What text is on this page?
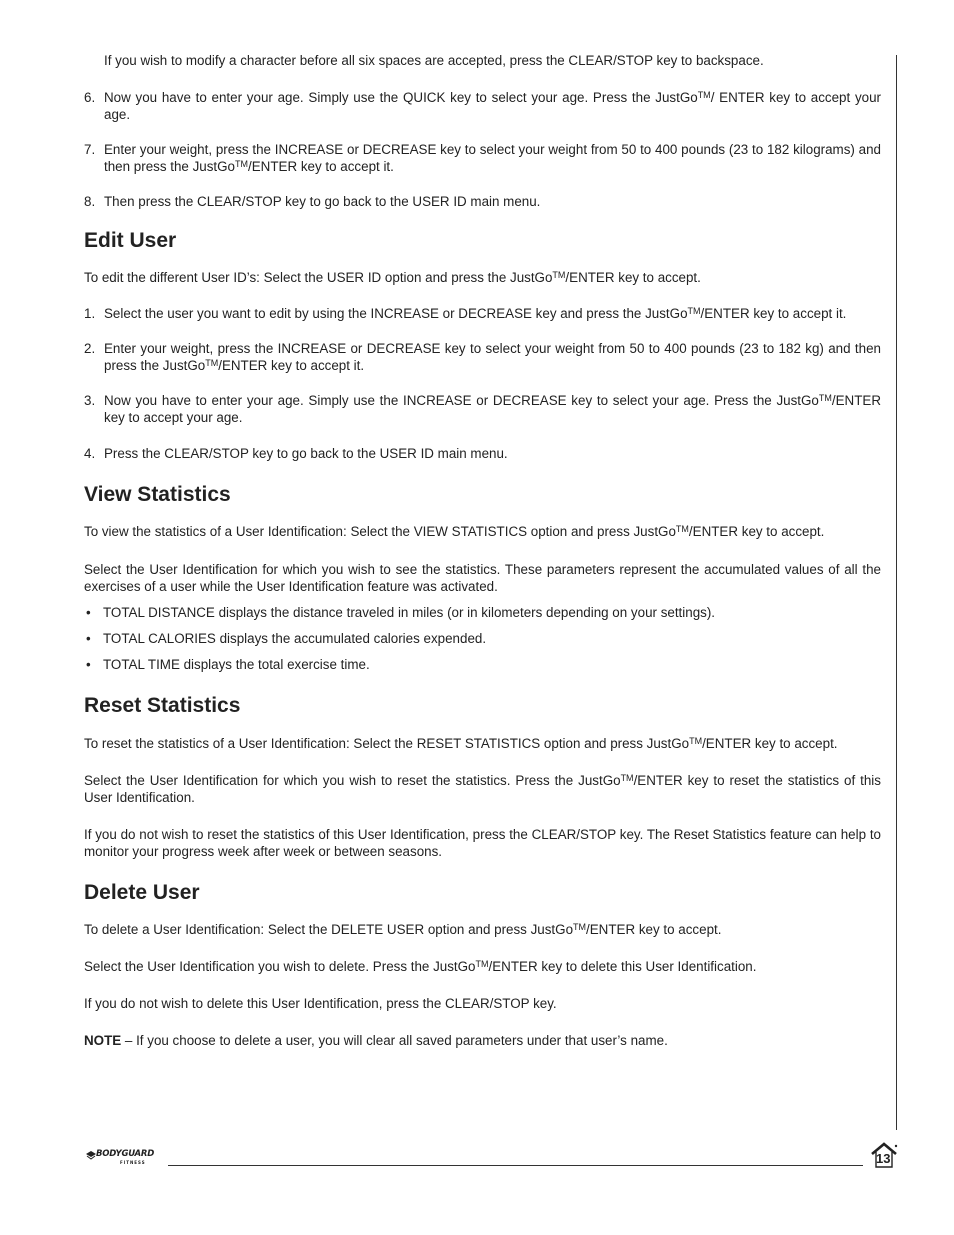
If you wish to modify a character before all six spaces are accepted, press the CLEAR/STOP key to backspace.

6. Now you have to enter your age. Simply use the QUICK key to select your age. Press the JustGo™/ ENTER key to accept your age.
7. Enter your weight, press the INCREASE or DECREASE key to select your weight from 50 to 400 pounds (23 to 182 kilograms) and then press the JustGo™/ENTER key to accept it.
8. Then press the CLEAR/STOP key to go back to the USER ID main menu.
Edit User

To edit the different User ID’s: Select the USER ID option and press the JustGo™/ENTER key to accept.

1. Select the user you want to edit by using the INCREASE or DECREASE key and press the JustGo™/ENTER key to accept it.
2. Enter your weight, press the INCREASE or DECREASE key to select your weight from 50 to 400 pounds (23 to 182 kg) and then press the JustGo™/ENTER key to accept it.
3. Now you have to enter your age. Simply use the INCREASE or DECREASE key to select your age. Press the JustGo™/ENTER key to accept your age.
4. Press the CLEAR/STOP key to go back to the USER ID main menu.
View Statistics

To view the statistics of a User Identification: Select the VIEW STATISTICS option and press JustGo™/ENTER key to accept.

Select the User Identification for which you wish to see the statistics. These parameters represent the accumulated values of all the exercises of a user while the User Identification feature was activated.

• TOTAL DISTANCE displays the distance traveled in miles (or in kilometers depending on your settings).
• TOTAL CALORIES displays the accumulated calories expended.
• TOTAL TIME displays the total exercise time.
Reset Statistics

To reset the statistics of a User Identification: Select the RESET STATISTICS option and press JustGo™/ENTER key to accept.

Select the User Identification for which you wish to reset the statistics. Press the JustGo™/ENTER key to reset the statistics of this User Identification.

If you do not wish to reset the statistics of this User Identification, press the CLEAR/STOP key. The Reset Statistics feature can help to monitor your progress week after week or between seasons.

Delete User

To delete a User Identification: Select the DELETE USER option and press JustGo™/ENTER key to accept.

Select the User Identification you wish to delete. Press the JustGo™/ENTER key to delete this User Identification.

If you do not wish to delete this User Identification, press the CLEAR/STOP key.

NOTE – If you choose to delete a user, you will clear all saved parameters under that user’s name.

BODYGUARD
FITNESS	13
